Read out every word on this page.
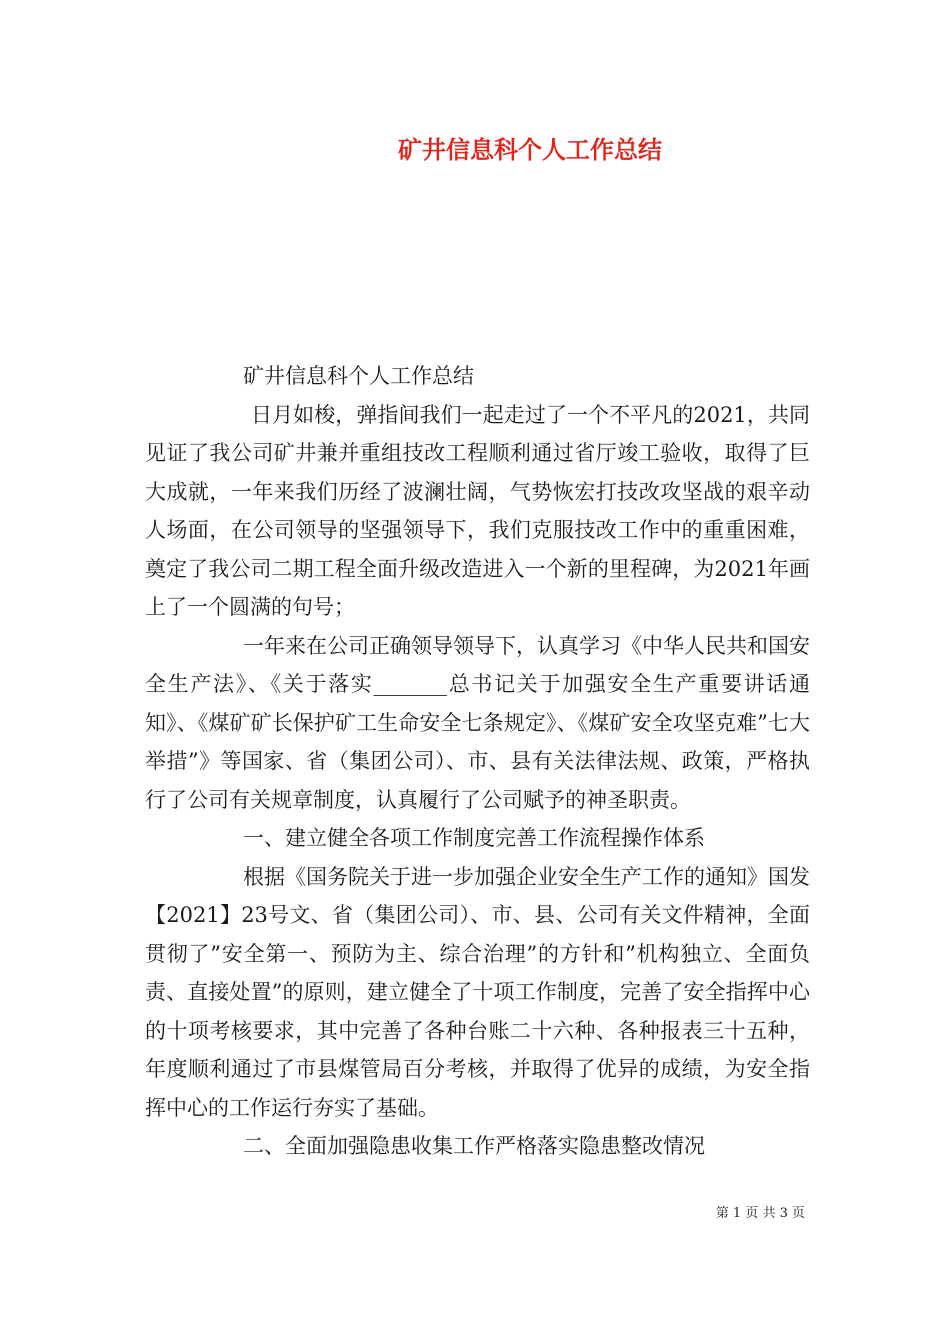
矿井信息科个人工作总结

矿井信息科个人工作总结

日月如梭，弹指间我们一起走过了一个不平凡的2021，共同见证了我公司矿井兼并重组技改工程顺利通过省厅竣工验收，取得了巨大成就，一年来我们历经了波澜壮阔，气势恢宏打技改攻坚战的艰辛动人场面，在公司领导的坚强领导下，我们克服技改工作中的重重困难，奠定了我公司二期工程全面升级改造进入一个新的里程碑，为2021年画上了一个圆满的句号；

一年来在公司正确领导领导下，认真学习《中华人民共和国安全生产法》、《关于落实_______总书记关于加强安全生产重要讲话通知》、《煤矿矿长保护矿工生命安全七条规定》、《煤矿安全攻坚克难”七大举措”》等国家、省（集团公司）、市、县有关法律法规、政策，严格执行了公司有关规章制度，认真履行了公司赋予的神圣职责。

一、建立健全各项工作制度完善工作流程操作体系

根据《国务院关于进一步加强企业安全生产工作的通知》国发【2021】23号文、省（集团公司）、市、县、公司有关文件精神，全面贯彻了”安全第一、预防为主、综合治理”的方针和”机构独立、全面负责、直接处置”的原则，建立健全了十项工作制度，完善了安全指挥中心的十项考核要求，其中完善了各种台账二十六种、各种报表三十五种，年度顺利通过了市县煤管局百分考核，并取得了优异的成绩，为安全指挥中心的工作运行夯实了基础。

二、全面加强隐患收集工作严格落实隐患整改情况

第 1 页 共 3 页
